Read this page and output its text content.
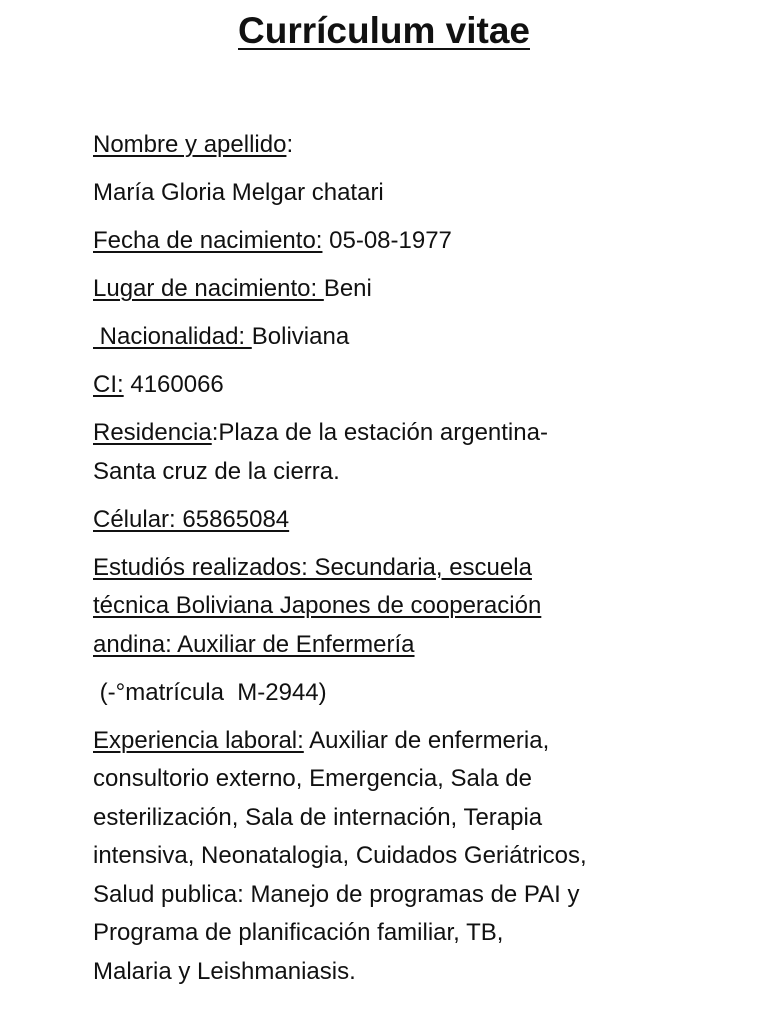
Currículum vitae

Nombre y apellido:

María Gloria Melgar chatari

Fecha de nacimiento: 05-08-1977

Lugar de nacimiento: Beni

Nacionalidad: Boliviana

CI: 4160066

Residencia:Plaza de la estación argentina-
Santa cruz de la cierra.

Célular: 65865084

Estudiós realizados: Secundaria, escuela
técnica Boliviana Japones de cooperación
andina: Auxiliar de Enfermería

(-°matrícula  M-2944)

Experiencia laboral: Auxiliar de enfermeria,
consultorio externo, Emergencia, Sala de
esterilización, Sala de internación, Terapia
intensiva, Neonatalogia, Cuidados Geriátricos,
Salud publica: Manejo de programas de PAI y
Programa de planificación familiar, TB,
Malaria y Leishmaniasis.
